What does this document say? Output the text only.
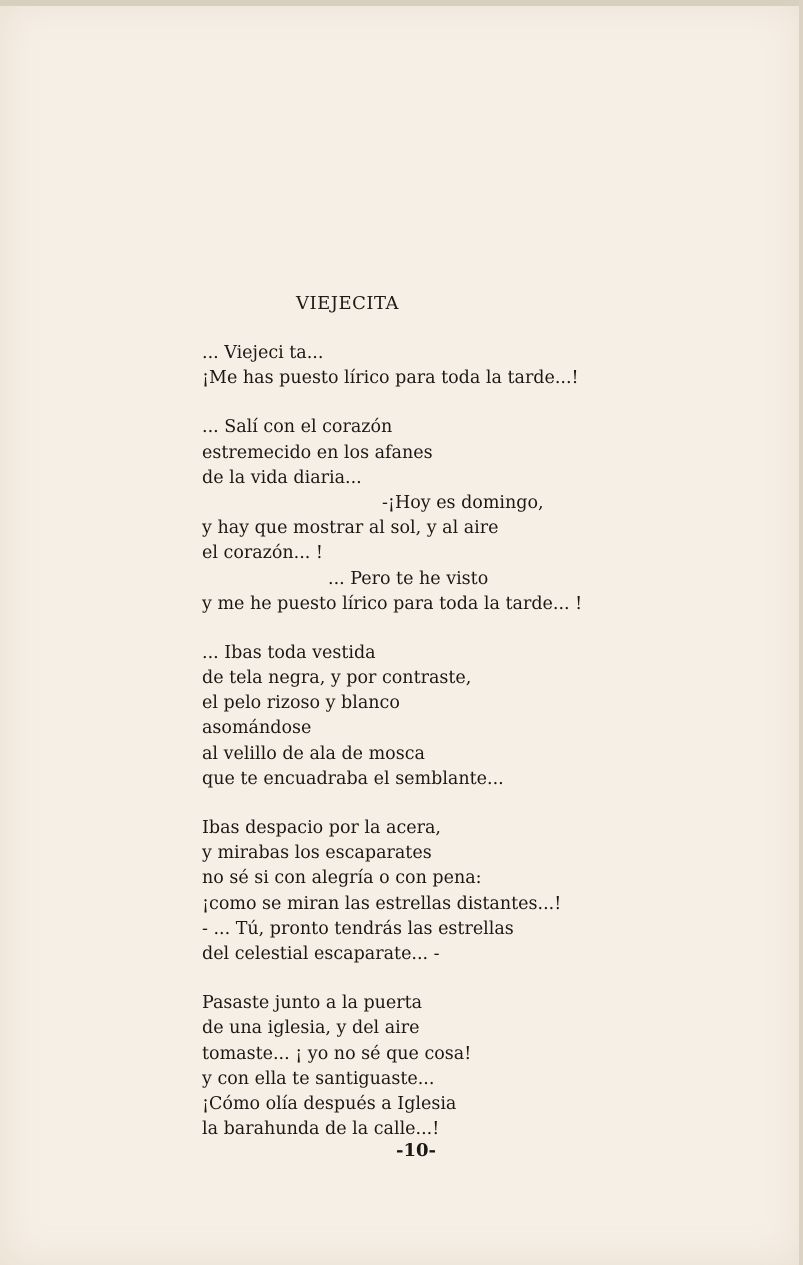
VIEJECITA
... Viejeci ta...
¡Me has puesto lírico para toda la tarde...!
... Salí con el corazón
estremecido en los afanes
de la vida diaria...
-¡Hoy es domingo,
y hay que mostrar al sol, y al aire
el corazón... !
... Pero te he visto
y me he puesto lírico para toda la tarde... !
... Ibas toda vestida
de tela negra, y por contraste,
el pelo rizoso y blanco
asomándose
al velillo de ala de mosca
que te encuadraba el semblante...
Ibas despacio por la acera,
y mirabas los escaparates
no sé si con alegría o con pena:
¡como se miran las estrellas distantes...!
- ... Tú, pronto tendrás las estrellas
del celestial escaparate... -
Pasaste junto a la puerta
de una iglesia, y del aire
tomaste... ¡ yo no sé que cosa!
y con ella te santiguaste...
¡Cómo olía después a Iglesia
la barahunda de la calle...!
-10-
